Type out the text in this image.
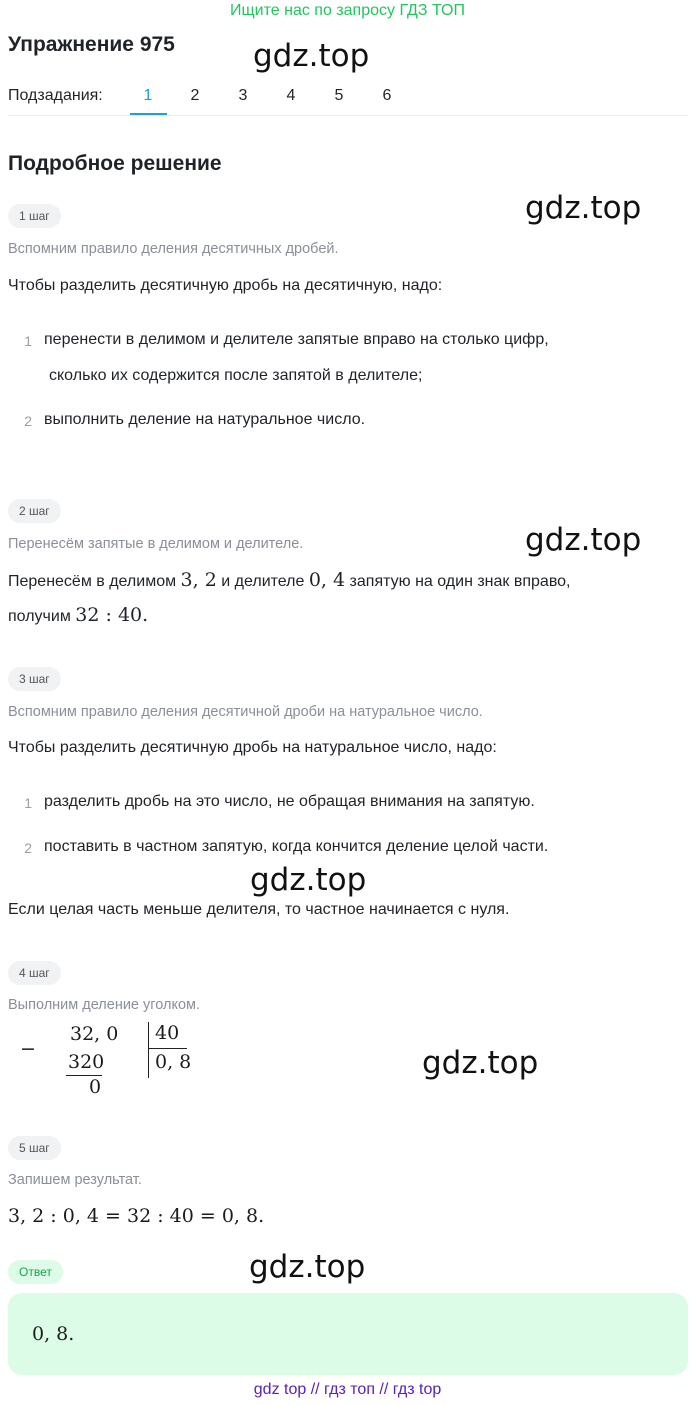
Ищите нас по запросу ГДЗ ТОП
Упражнение 975	gdz.top
Подзадания:	1	2	3	4	5	6
Подробное решение
1 шаг	gdz.top
Вспомним правило деления десятичных дробей.
Чтобы разделить десятичную дробь на десятичную, надо:
1 перенести в делимом и делителе запятые вправо на столько цифр,
сколько их содержится после запятой в делителе;
2 выполнить деление на натуральное число.
2 шаг
gdz.top
Перенесём запятые в делимом и делителе.
Перенесём в делимом 3, 2 и делителе 0, 4 запятую на один знак вправо,
получим 32 : 40.
3 шаг
Вспомним правило деления десятичной дроби на натуральное число.
Чтобы разделить десятичную дробь на натуральное число, надо:
1 разделить дробь на это число, не обращая внимания на запятую.
2 поставить в частном запятую, когда кончится деление целой части.
gdz.top
Если целая часть меньше делителя, то частное начинается с нуля.
4 шаг
Выполним деление уголком.
−
32, 0
320
0
40
0, 8	gdz.top
5 шаг
Запишем результат.
3, 2 : 0, 4 = 32 : 40 = 0, 8.
Ответ	gdz.top
0, 8.
gdz top // гдз топ // гдз top
